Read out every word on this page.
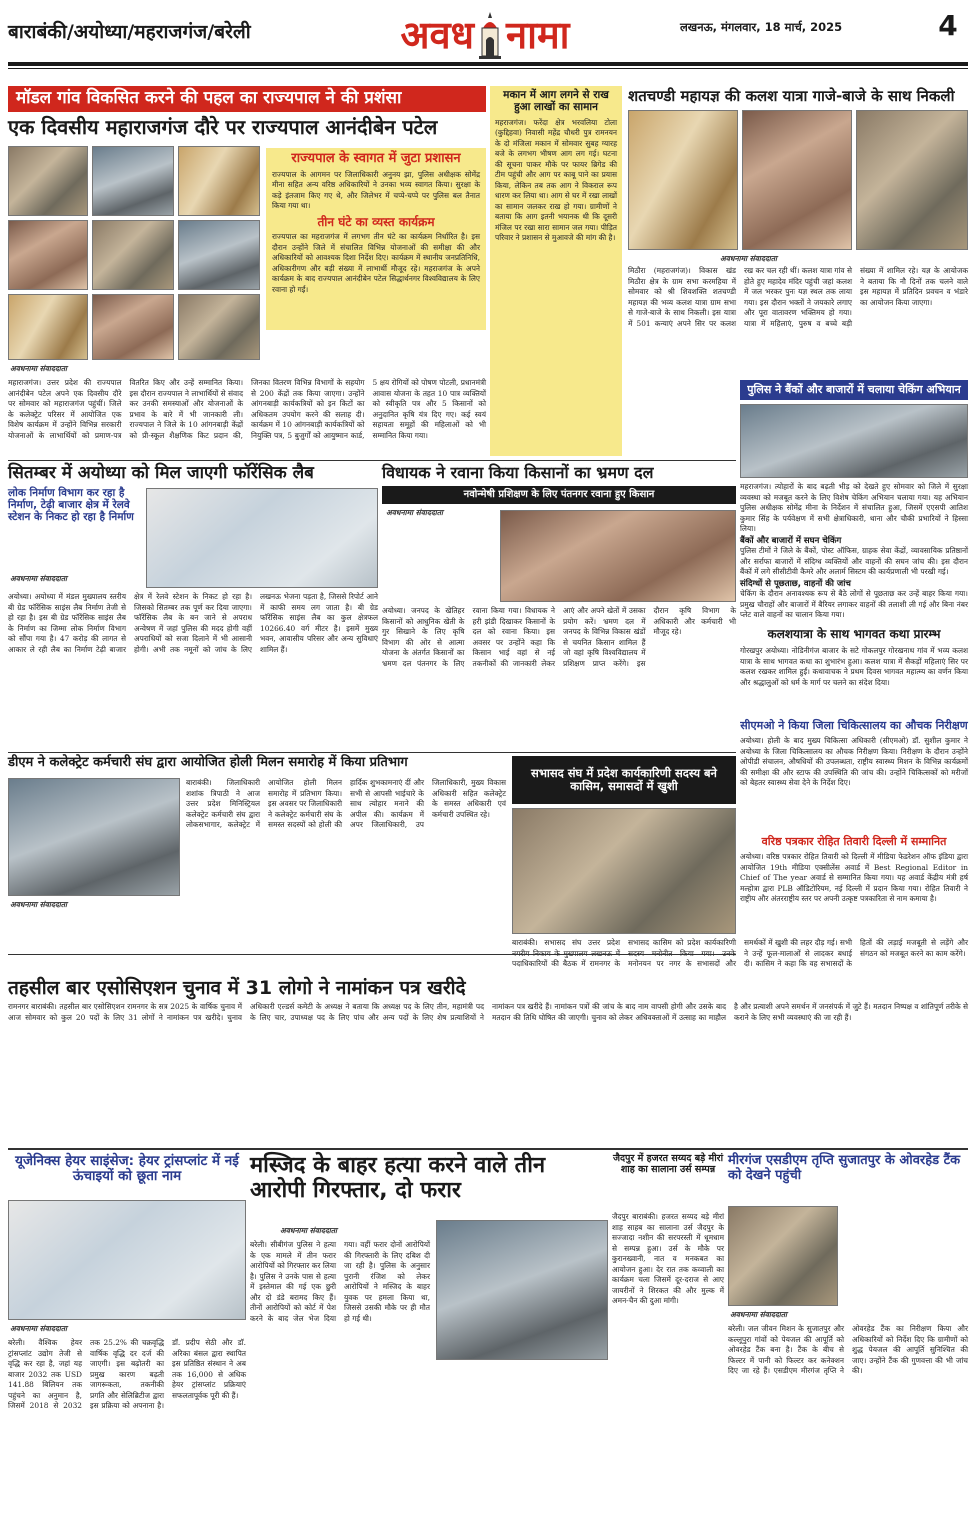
बाराबंकी/अयोध्या/महराजगंज/बरेली	अवध नामा	लखनऊ, मंगलवार, 18 मार्च, 2025	4
मॉडल गांव विकसित करने की पहल का राज्यपाल ने की प्रशंसा
एक दिवसीय महाराजगंज दौरे पर राज्यपाल आनंदीबेन पटेल
राज्यपाल के स्वागत में जुटा प्रशासन
राज्यपाल के आगमन पर जिलाधिकारी अनुनय झा, पुलिस अधीक्षक सोमेंद्र मीना सहित अन्य वरिष्ठ अधिकारियों ने उनका भव्य स्वागत किया। सुरक्षा के कड़े इंतजाम किए गए थे, और जिलेभर में चप्पे-चप्पे पर पुलिस बल तैनात किया गया था।
तीन घंटे का व्यस्त कार्यक्रम
राज्यपाल का महराजगंज में लगभग तीन घंटे का कार्यक्रम निर्धारित है। इस दौरान उन्होंने जिले में संचालित विभिन्न योजनाओं की समीक्षा की और अधिकारियों को आवश्यक दिशा निर्देश दिए। कार्यक्रम में स्थानीय जनप्रतिनिधि, अधिकारीगण और बड़ी संख्या में लाभार्थी मौजूद रहे। महराजगंज के अपने कार्यक्रम के बाद राज्यपाल आनंदीबेन पटेल सिद्धार्थनगर विश्वविद्यालय के लिए रवाना हो गईं।
अवधनामा संवाददाता
महाराजगंज। उत्तर प्रदेश की राज्यपाल आनंदीबेन पटेल अपने एक दिवसीय दौरे पर सोमवार को महाराजगंज पहुंचीं। जिले के कलेक्ट्रेट परिसर में आयोजित एक विशेष कार्यक्रम में उन्होंने विभिन्न सरकारी योजनाओं के लाभार्थियों को प्रमाण-पत्र वितरित किए और उन्हें सम्मानित किया। इस दौरान राज्यपाल ने लाभार्थियों से संवाद कर उनकी समस्याओं और योजनाओं के प्रभाव के बारे में भी जानकारी ली। राज्यपाल ने जिले के 10 आंगनबाड़ी केंद्रों को प्री-स्कूल शैक्षणिक किट प्रदान की, जिनका वितरण विभिन्न विभागों के सहयोग से 200 केंद्रों तक किया जाएगा। उन्होंने आंगनबाड़ी कार्यकत्रियों को इन किटों का अधिकतम उपयोग करने की सलाह दी। कार्यक्रम में 10 आंगनबाड़ी कार्यकत्रियों को नियुक्ति पत्र, 5 बुजुर्गों को आयुष्मान कार्ड, 5 क्षय रोगियों को पोषण पोटली, प्रधानमंत्री आवास योजना के तहत 10 पात्र व्यक्तियों को स्वीकृति पत्र और 5 किसानों को अनुदानित कृषि यंत्र दिए गए। कई स्वयं सहायता समूहों की महिलाओं को भी सम्मानित किया गया।
मकान में आग लगने से राख हुआ लाखों का सामान
महराजगंज। फरेंदा क्षेत्र भरवलिया टोला (कुद्दिहवा) निवासी महेंद्र चौधरी पुत्र रामनयन के दो मंजिला मकान में सोमवार सुबह ग्यारह बजे के लगभग भीषण आग लग गई। घटना की सूचना पाकर मौके पर फायर ब्रिगेड की टीम पहुंची और आग पर काबू पाने का प्रयास किया, लेकिन तब तक आग ने विकराल रूप धारण कर लिया था। आग से घर में रखा लाखों का सामान जलकर राख हो गया। ग्रामीणों ने बताया कि आग इतनी भयानक थी कि दूसरी मंजिल पर रखा सारा सामान जल गया। पीड़ित परिवार ने प्रशासन से मुआवजे की मांग की है।
शतचण्डी महायज्ञ की कलश यात्रा गाजे-बाजे के साथ निकली
अवधनामा संवाददाता
मिठौरा (महराजगंज)। विकास खंड मिठौरा क्षेत्र के ग्राम सभा करमहिया में सोमवार को श्री शिवशक्ति शतचण्डी महायज्ञ की भव्य कलश यात्रा ग्राम सभा से गाजे-बाजे के साथ निकली। इस यात्रा में 501 कन्याएं अपने सिर पर कलश रख कर चल रही थीं। कलश यात्रा गांव से होते हुए महादेव मंदिर पहुंची जहां कलश में जल भरकर पुनः यज्ञ स्थल तक लाया गया। इस दौरान भक्तों ने जयकारे लगाए और पूरा वातावरण भक्तिमय हो गया। यात्रा में महिलाएं, पुरुष व बच्चे बड़ी संख्या में शामिल रहे। यज्ञ के आयोजक ने बताया कि नौ दिनों तक चलने वाले इस महायज्ञ में प्रतिदिन प्रवचन व भंडारे का आयोजन किया जाएगा।
पुलिस ने बैंकों और बाजारों में चलाया चेकिंग अभियान
महराजगंज। त्योहारों के बाद बढ़ती भीड़ को देखते हुए सोमवार को जिले में सुरक्षा व्यवस्था को मजबूत करने के लिए विशेष चेकिंग अभियान चलाया गया। यह अभियान पुलिस अधीक्षक सोमेंद्र मीना के निर्देशन में संचालित हुआ, जिसमें एएसपी आतिश कुमार सिंह के पर्यवेक्षण में सभी क्षेत्राधिकारी, थाना और चौकी प्रभारियों ने हिस्सा लिया।
बैंकों और बाजारों में सघन चेकिंग
पुलिस टीमों ने जिले के बैंकों, पोस्ट ऑफिस, ग्राहक सेवा केंद्रों, व्यावसायिक प्रतिष्ठानों और सर्राफा बाजारों में संदिग्ध व्यक्तियों और वाहनों की सघन जांच की। इस दौरान बैंकों में लगे सीसीटीवी कैमरे और अलार्म सिस्टम की कार्यप्रणाली भी परखी गई।
संदिग्धों से पूछताछ, वाहनों की जांच
चेकिंग के दौरान अनावश्यक रूप से बैठे लोगों से पूछताछ कर उन्हें बाहर किया गया। प्रमुख चौराहों और बाजारों में बैरियर लगाकर वाहनों की तलाशी ली गई और बिना नंबर प्लेट वाले वाहनों का चालान किया गया।
कलशयात्रा के साथ भागवत कथा प्रारम्भ
गोरखपुर अयोध्या। नोडिनीगंज बाजार के सटे गोकलपुर गोरखनाथ गांव में भव्य कलश यात्रा के साथ भागवत कथा का शुभारंभ हुआ। कलश यात्रा में सैकड़ों महिलाएं सिर पर कलश रखकर शामिल हुईं। कथावाचक ने प्रथम दिवस भागवत महात्म्य का वर्णन किया और श्रद्धालुओं को धर्म के मार्ग पर चलने का संदेश दिया।
सीएमओ ने किया जिला चिकित्सालय का औचक निरीक्षण
अयोध्या। होली के बाद मुख्य चिकित्सा अधिकारी (सीएमओ) डॉ. सुशील कुमार ने अयोध्या के जिला चिकित्सालय का औचक निरीक्षण किया। निरीक्षण के दौरान उन्होंने ओपीडी संचालन, औषधियों की उपलब्धता, राष्ट्रीय स्वास्थ्य मिशन के विभिन्न कार्यक्रमों की समीक्षा की और स्टाफ की उपस्थिति की जांच की। उन्होंने चिकित्सकों को मरीजों को बेहतर स्वास्थ्य सेवा देने के निर्देश दिए।
वरिष्ठ पत्रकार रोहित तिवारी दिल्ली में सम्मानित
अयोध्या। वरिष्ठ पत्रकार रोहित तिवारी को दिल्ली में मीडिया फेडरेशन ऑफ इंडिया द्वारा आयोजित 19th मीडिया एक्सीलेंस अवार्ड में Best Regional Editor in Chief of The year अवार्ड से सम्मानित किया गया। यह अवार्ड केंद्रीय मंत्री हर्ष मल्होत्रा द्वारा PLB ऑडिटोरियम, नई दिल्ली में प्रदान किया गया। रोहित तिवारी ने राष्ट्रीय और अंतरराष्ट्रीय स्तर पर अपनी उत्कृष्ट पत्रकारिता से नाम कमाया है।
सितम्बर में अयोध्या को मिल जाएगी फॉरेंसिक लैब
लोक निर्माण विभाग कर रहा है निर्माण, टेढ़ी बाजार क्षेत्र में रेलवे स्टेशन के निकट हो रहा है निर्माण
अवधनामा संवाददाता
अयोध्या। अयोध्या में मंडल मुख्यालय स्तरीय बी ग्रेड फॉरेंसिक साइंस लैब निर्माण तेजी से हो रहा है। इस बी ग्रेड फॉरेंसिक साइंस लैब के निर्माण का जिम्मा लोक निर्माण विभाग को सौंपा गया है। 47 करोड़ की लागत से आकार ले रही लैब का निर्माण टेढ़ी बाजार क्षेत्र में रेलवे स्टेशन के निकट हो रहा है। जिसको सितम्बर तक पूर्ण कर दिया जाएगा। फॉरेंसिक लैब के बन जाने से अपराध अन्वेषण में जहां पुलिस की मदद होगी वहीं अपराधियों को सजा दिलाने में भी आसानी होगी। अभी तक नमूनों को जांच के लिए लखनऊ भेजना पड़ता है, जिससे रिपोर्ट आने में काफी समय लग जाता है। बी ग्रेड फॉरेंसिक साइंस लैब का कुल क्षेत्रफल 10266.40 वर्ग मीटर है। इसमें मुख्य भवन, आवासीय परिसर और अन्य सुविधाएं शामिल हैं।
विधायक ने रवाना किया किसानों का भ्रमण दल
नवोन्मेषी प्रशिक्षण के लिए पंतनगर रवाना हुए किसान
अवधनामा संवाददाता
अयोध्या। जनपद के खेतिहर किसानों को आधुनिक खेती के गुर सिखाने के लिए कृषि विभाग की ओर से आत्मा योजना के अंतर्गत किसानों का भ्रमण दल पंतनगर के लिए रवाना किया गया। विधायक ने हरी झंडी दिखाकर किसानों के दल को रवाना किया। इस अवसर पर उन्होंने कहा कि किसान भाई वहां से नई तकनीकों की जानकारी लेकर आएं और अपने खेतों में उसका प्रयोग करें। भ्रमण दल में जनपद के विभिन्न विकास खंडों से चयनित किसान शामिल हैं जो वहां कृषि विश्वविद्यालय में प्रशिक्षण प्राप्त करेंगे। इस दौरान कृषि विभाग के अधिकारी और कर्मचारी भी मौजूद रहे।
डीएम ने कलेक्ट्रेट कर्मचारी संघ द्वारा आयोजित होली मिलन समारोह में किया प्रतिभाग
अवधनामा संवाददाता
बाराबंकी। जिलाधिकारी शशांक त्रिपाठी ने आज उत्तर प्रदेश मिनिस्ट्रियल कलेक्ट्रेट कर्मचारी संघ द्वारा लोकसभागार, कलेक्ट्रेट में आयोजित होली मिलन समारोह में प्रतिभाग किया। इस अवसर पर जिलाधिकारी ने कलेक्ट्रेट कर्मचारी संघ के समस्त सदस्यों को होली की हार्दिक शुभकामनाएं दीं और सभी से आपसी भाईचारे के साथ त्योहार मनाने की अपील की। कार्यक्रम में अपर जिलाधिकारी, उप जिलाधिकारी, मुख्य विकास अधिकारी सहित कलेक्ट्रेट के समस्त अधिकारी एवं कर्मचारी उपस्थित रहे।
सभासद संघ में प्रदेश कार्यकारिणी सदस्य बने कासिम, समासदों में खुशी
बाराबंकी। सभासद संघ उत्तर प्रदेश पदाधिकारियों की बैठक में रामनगर के सभासद कासिम को प्रदेश कार्यकारिणी मनोनयन पर नगर के सभासदों और समर्थकों में खुशी की लहर दौड़ गई। सभी ने उन्हें फूल-मालाओं से लादकर बधाई दी। कासिम ने कहा कि वह सभासदों के हितों की लड़ाई मजबूती से लड़ेंगे और संगठन को मजबूत करने का काम करेंगे।
तहसील बार एसोसिएशन चुनाव में 31 लोगो ने नामांकन पत्र खरीदे
रामनगर बाराबंकी। तहसील बार एसोसिएशन रामनगर के सत्र 2025 के वार्षिक चुनाव में आज सोमवार को कुल 20 पदों के लिए 31 लोगों ने नामांकन पत्र खरीदे। चुनाव अधिकारी एल्डर्स कमेटी के अध्यक्ष ने बताया कि अध्यक्ष पद के लिए तीन, महामंत्री पद के लिए चार, उपाध्यक्ष पद के लिए पांच और अन्य पदों के लिए शेष प्रत्याशियों ने नामांकन पत्र खरीदे हैं। नामांकन पत्रों की जांच के बाद नाम वापसी होगी और उसके बाद मतदान की तिथि घोषित की जाएगी। चुनाव को लेकर अधिवक्ताओं में उत्साह का माहौल है और प्रत्याशी अपने समर्थन में जनसंपर्क में जुटे हैं। मतदान निष्पक्ष व शांतिपूर्ण तरीके से कराने के लिए सभी व्यवस्थाएं की जा रही हैं।
यूजेनिक्स हेयर साइंसेज: हेयर ट्रांसप्लांट में नई ऊंचाइयों को छूता नाम
अवधनामा संवाददाता
बरेली। वैश्विक हेयर ट्रांसप्लांट उद्योग तेजी से वृद्धि कर रहा है, जहां यह बाजार 2032 तक USD 141.88 बिलियन तक पहुंचने का अनुमान है, जिसमें 2018 से 2032 तक 25.2% की चक्रवृद्धि वार्षिक वृद्धि दर दर्ज की जाएगी। इस बढ़ोतरी का प्रमुख कारण बढ़ती जागरूकता, तकनीकी प्रगति और सेलिब्रिटीज द्वारा इस प्रक्रिया को अपनाना है। डॉ. प्रदीप सेठी और डॉ. अरिका बंसल द्वारा स्थापित इस प्रतिष्ठित संस्थान ने अब तक 16,000 से अधिक हेयर ट्रांसप्लांट प्रक्रियाएं सफलतापूर्वक पूरी की हैं।
मस्जिद के बाहर हत्या करने वाले तीन आरोपी गिरफ्तार, दो फरार
अवधनामा संवाददाता
बरेली। सीबीगंज पुलिस ने हत्या के एक मामले में तीन फरार आरोपियों को गिरफ्तार कर लिया है। पुलिस ने उनके पास से हत्या में इस्तेमाल की गई एक छुरी और दो डंडे बरामद किए हैं। तीनों आरोपियों को कोर्ट में पेश करने के बाद जेल भेज दिया गया। वहीं फरार दोनों आरोपियों की गिरफ्तारी के लिए दबिश दी जा रही है। पुलिस के अनुसार पुरानी रंजिश को लेकर आरोपियों ने मस्जिद के बाहर युवक पर हमला किया था, जिससे उसकी मौके पर ही मौत हो गई थी।
जैदपुर में हजरत सय्यद बड़े मीरां शाह का सालाना उर्स सम्पन्न
जैदपुर बाराबंकी। हजरत सय्यद बड़े मीरां शाह साहब का सालाना उर्स जैदपुर के सज्जादा नशीन की सरपरस्ती में धूमधाम से सम्पन्न हुआ। उर्स के मौके पर कुरानख्वानी, नात व मनकबत का आयोजन हुआ। देर रात तक कव्वाली का कार्यक्रम चला जिसमें दूर-दराज से आए जायरीनों ने शिरकत की और मुल्क में अमन-चैन की दुआ मांगी।
मीरगंज एसडीएम तृप्ति सुजातपुर के ओवरहेड टैंक को देखने पहुंची
अवधनामा संवाददाता
बरेली। जल जीवन मिशन के सुजातपुर और कल्लूपुरा गांवों को पेयजल की आपूर्ति को ओवरहेड टैंक बना है। टैंक के बीच से फिल्टर में पानी को फिल्टर कर कनेक्शन दिए जा रहे हैं। एसडीएम मीरगंज तृप्ति ने ओवरहेड टैंक का निरीक्षण किया और अधिकारियों को निर्देश दिए कि ग्रामीणों को शुद्ध पेयजल की आपूर्ति सुनिश्चित की जाए। उन्होंने टैंक की गुणवत्ता की भी जांच की।
